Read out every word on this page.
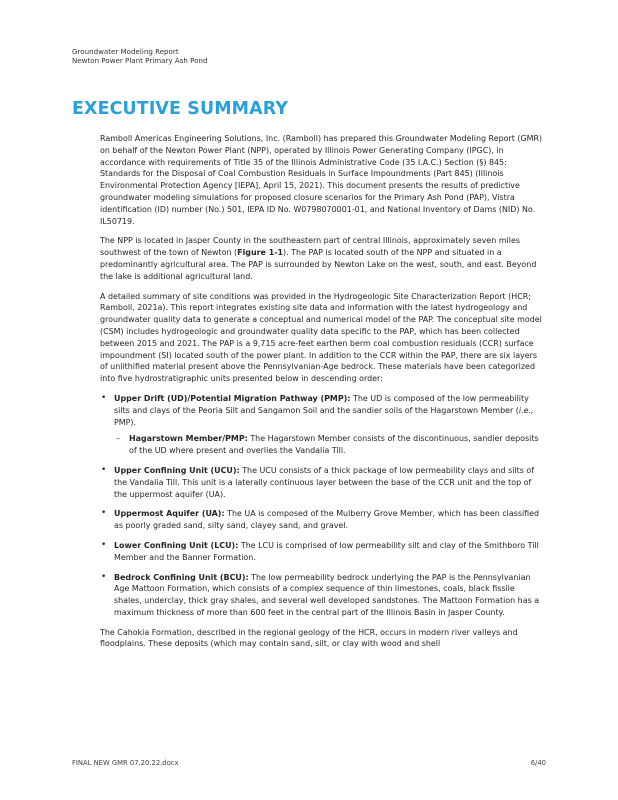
Groundwater Modeling Report
Newton Power Plant Primary Ash Pond
EXECUTIVE SUMMARY

Ramboll Americas Engineering Solutions, Inc. (Ramboll) has prepared this Groundwater Modeling Report (GMR) on behalf of the Newton Power Plant (NPP), operated by Illinois Power Generating Company (IPGC), in accordance with requirements of Title 35 of the Illinois Administrative Code (35 I.A.C.) Section (§) 845: Standards for the Disposal of Coal Combustion Residuals in Surface Impoundments (Part 845) (Illinois Environmental Protection Agency [IEPA], April 15, 2021). This document presents the results of predictive groundwater modeling simulations for proposed closure scenarios for the Primary Ash Pond (PAP), Vistra identification (ID) number (No.) 501, IEPA ID No. W0798070001-01, and National Inventory of Dams (NID) No. IL50719.

The NPP is located in Jasper County in the southeastern part of central Illinois, approximately seven miles southwest of the town of Newton (Figure 1-1). The PAP is located south of the NPP and situated in a predominantly agricultural area. The PAP is surrounded by Newton Lake on the west, south, and east. Beyond the lake is additional agricultural land.

A detailed summary of site conditions was provided in the Hydrogeologic Site Characterization Report (HCR; Ramboll, 2021a). This report integrates existing site data and information with the latest hydrogeology and groundwater quality data to generate a conceptual and numerical model of the PAP. The conceptual site model (CSM) includes hydrogeologic and groundwater quality data specific to the PAP, which has been collected between 2015 and 2021. The PAP is a 9,715 acre-feet earthen berm coal combustion residuals (CCR) surface impoundment (SI) located south of the power plant. In addition to the CCR within the PAP, there are six layers of unlithified material present above the Pennsylvanian-Age bedrock. These materials have been categorized into five hydrostratigraphic units presented below in descending order:

• Upper Drift (UD)/Potential Migration Pathway (PMP): The UD is composed of the low permeability silts and clays of the Peoria Silt and Sangamon Soil and the sandier soils of the Hagarstown Member (i.e., PMP).
– Hagarstown Member/PMP: The Hagarstown Member consists of the discontinuous, sandier deposits of the UD where present and overlies the Vandalia Till.
• Upper Confining Unit (UCU): The UCU consists of a thick package of low permeability clays and silts of the Vandalia Till. This unit is a laterally continuous layer between the base of the CCR unit and the top of the uppermost aquifer (UA).
• Uppermost Aquifer (UA): The UA is composed of the Mulberry Grove Member, which has been classified as poorly graded sand, silty sand, clayey sand, and gravel.
• Lower Confining Unit (LCU): The LCU is comprised of low permeability silt and clay of the Smithboro Till Member and the Banner Formation.
• Bedrock Confining Unit (BCU): The low permeability bedrock underlying the PAP is the Pennsylvanian Age Mattoon Formation, which consists of a complex sequence of thin limestones, coals, black fissile shales, underclay, thick gray shales, and several well developed sandstones. The Mattoon Formation has a maximum thickness of more than 600 feet in the central part of the Illinois Basin in Jasper County.

The Cahokia Formation, described in the regional geology of the HCR, occurs in modern river valleys and floodplains. These deposits (which may contain sand, silt, or clay with wood and shell

FINAL NEW GMR 07.20.22.docx	6/40
